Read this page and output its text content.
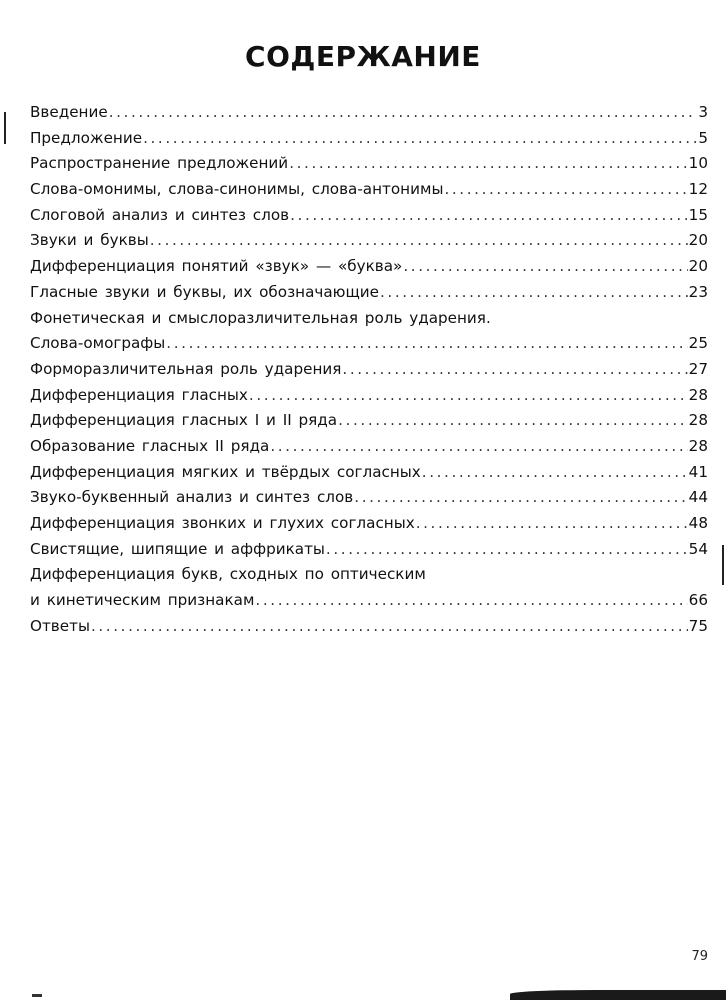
СОДЕРЖАНИЕ
Введение .....	3
Предложение .....	5
Распространение предложений .....	10
Слова-омонимы, слова-синонимы, слова-антонимы .....	12
Слоговой анализ и синтез слов .....	15
Звуки и буквы .....	20
Дифференциация понятий «звук» — «буква» .....	20
Гласные звуки и буквы, их обозначающие .....	23
Фонетическая и смыслоразличительная роль ударения.
Слова-омографы .....	25
Форморазличительная роль ударения .....	27
Дифференциация гласных .....	28
Дифференциация гласных I и II ряда .....	28
Образование гласных II ряда .....	28
Дифференциация мягких и твёрдых согласных .....	41
Звуко-буквенный анализ и синтез слов .....	44
Дифференциация звонких и глухих согласных .....	48
Свистящие, шипящие и аффрикаты .....	54
Дифференциация букв, сходных по оптическим
и кинетическим признакам .....	66
Ответы .....	75
79
